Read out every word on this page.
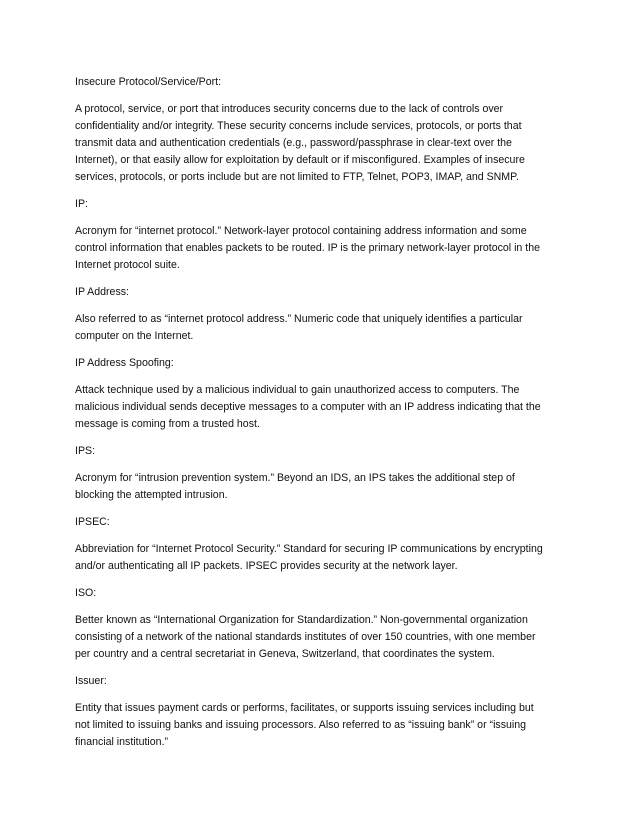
Insecure Protocol/Service/Port:

A protocol, service, or port that introduces security concerns due to the lack of controls over confidentiality and/or integrity. These security concerns include services, protocols, or ports that transmit data and authentication credentials (e.g., password/passphrase in clear-text over the Internet), or that easily allow for exploitation by default or if misconfigured. Examples of insecure services, protocols, or ports include but are not limited to FTP, Telnet, POP3, IMAP, and SNMP.

IP:

Acronym for “internet protocol.” Network-layer protocol containing address information and some control information that enables packets to be routed. IP is the primary network-layer protocol in the Internet protocol suite.

IP Address:

Also referred to as “internet protocol address.” Numeric code that uniquely identifies a particular computer on the Internet.

IP Address Spoofing:

Attack technique used by a malicious individual to gain unauthorized access to computers. The malicious individual sends deceptive messages to a computer with an IP address indicating that the message is coming from a trusted host.

IPS:

Acronym for “intrusion prevention system.” Beyond an IDS, an IPS takes the additional step of blocking the attempted intrusion.

IPSEC:

Abbreviation for “Internet Protocol Security.” Standard for securing IP communications by encrypting and/or authenticating all IP packets. IPSEC provides security at the network layer.

ISO:

Better known as “International Organization for Standardization.” Non-governmental organization consisting of a network of the national standards institutes of over 150 countries, with one member per country and a central secretariat in Geneva, Switzerland, that coordinates the system.

Issuer:

Entity that issues payment cards or performs, facilitates, or supports issuing services including but not limited to issuing banks and issuing processors. Also referred to as “issuing bank” or “issuing financial institution.”
